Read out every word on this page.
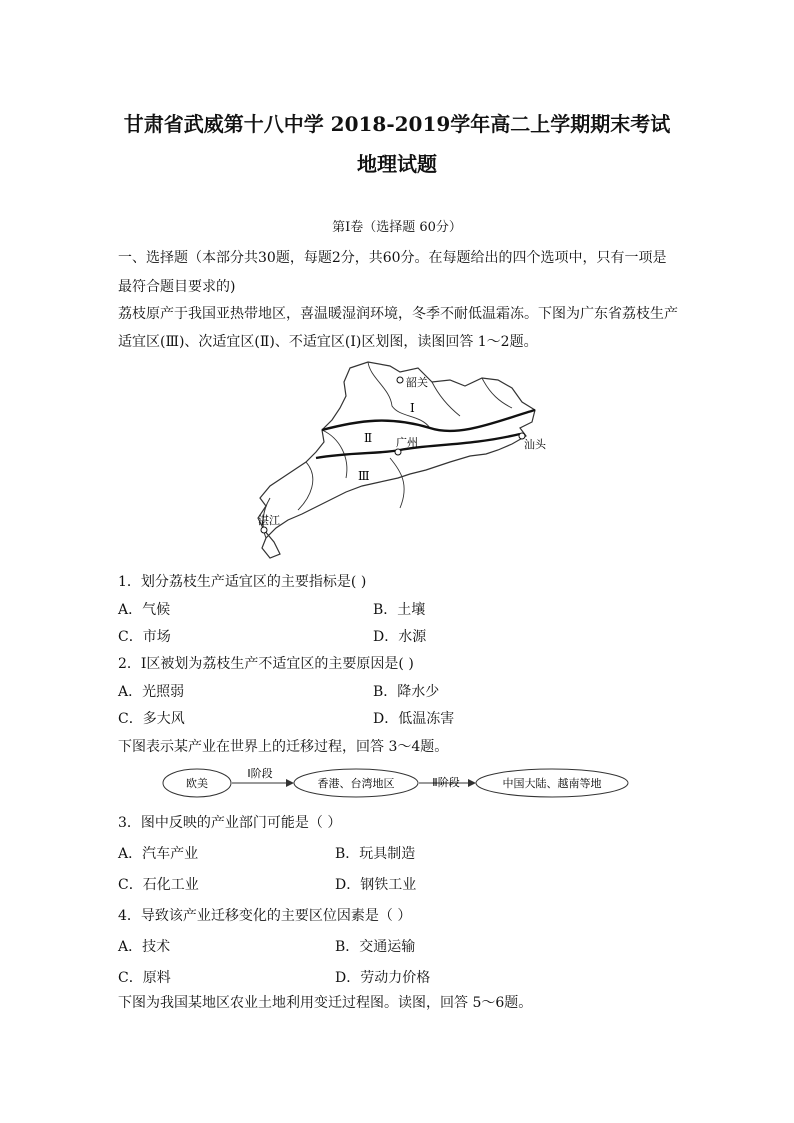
甘肃省武威第十八中学 2018-2019学年高二上学期期末考试
地理试题
第Ⅰ卷（选择题 60分）
一、选择题（本部分共30题，每题2分，共60分。在每题给出的四个选项中，只有一项是
最符合题目要求的)
荔枝原产于我国亚热带地区，喜温暖湿润环境，冬季不耐低温霜冻。下图为广东省荔枝生产
适宜区(Ⅲ)、次适宜区(Ⅱ)、不适宜区(Ⅰ)区划图，读图回答 1～2题。
韶关
广州	汕头
湛江
Ⅰ
Ⅱ
Ⅲ
1．划分荔枝生产适宜区的主要指标是( )
A．气候	B．土壤
C．市场	D．水源
2．Ⅰ区被划为荔枝生产不适宜区的主要原因是( )
A．光照弱	B．降水少
C．多大风	D．低温冻害
下图表示某产业在世界上的迁移过程，回答 3～4题。
欧美
Ⅰ阶段
香港、台湾地区	Ⅱ阶段	中国大陆、越南等地
3．图中反映的产业部门可能是（ ）
A．汽车产业	B．玩具制造
C．石化工业	D．钢铁工业
4．导致该产业迁移变化的主要区位因素是（ ）
A．技术	B．交通运输
C．原料	D．劳动力价格
下图为我国某地区农业土地利用变迁过程图。读图，回答 5～6题。
